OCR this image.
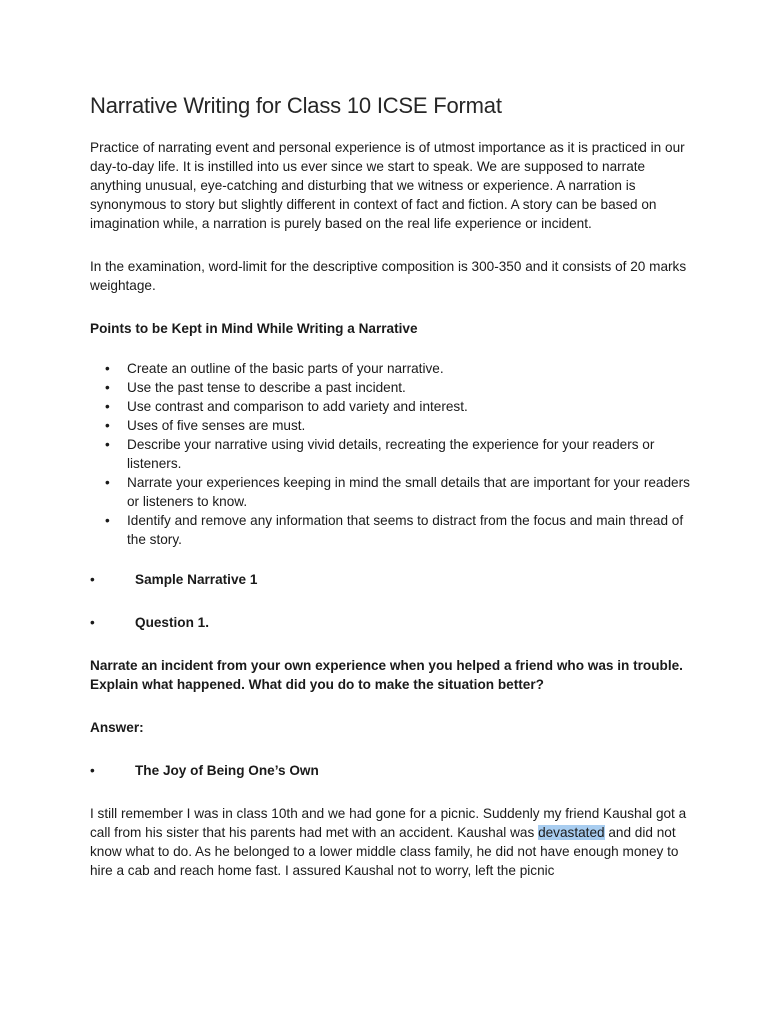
Narrative Writing for Class 10 ICSE Format

Practice of narrating event and personal experience is of utmost importance as it is practiced in our day-to-day life. It is instilled into us ever since we start to speak. We are supposed to narrate anything unusual, eye-catching and disturbing that we witness or experience. A narration is synonymous to story but slightly different in context of fact and fiction. A story can be based on imagination while, a narration is purely based on the real life experience or incident.

In the examination, word-limit for the descriptive composition is 300-350 and it consists of 20 marks weightage.

Points to be Kept in Mind While Writing a Narrative

• Create an outline of the basic parts of your narrative.
• Use the past tense to describe a past incident.
• Use contrast and comparison to add variety and interest.
• Uses of five senses are must.
• Describe your narrative using vivid details, recreating the experience for your readers or listeners.
• Narrate your experiences keeping in mind the small details that are important for your readers or listeners to know.
• Identify and remove any information that seems to distract from the focus and main thread of the story.
•	Sample Narrative 1
•	Question 1.

Narrate an incident from your own experience when you helped a friend who was in trouble. Explain what happened. What did you do to make the situation better?

Answer:

•	The Joy of Being One’s Own

I still remember I was in class 10th and we had gone for a picnic. Suddenly my friend Kaushal got a call from his sister that his parents had met with an accident. Kaushal was devastated and did not know what to do. As he belonged to a lower middle class family, he did not have enough money to hire a cab and reach home fast. I assured Kaushal not to worry, left the picnic
